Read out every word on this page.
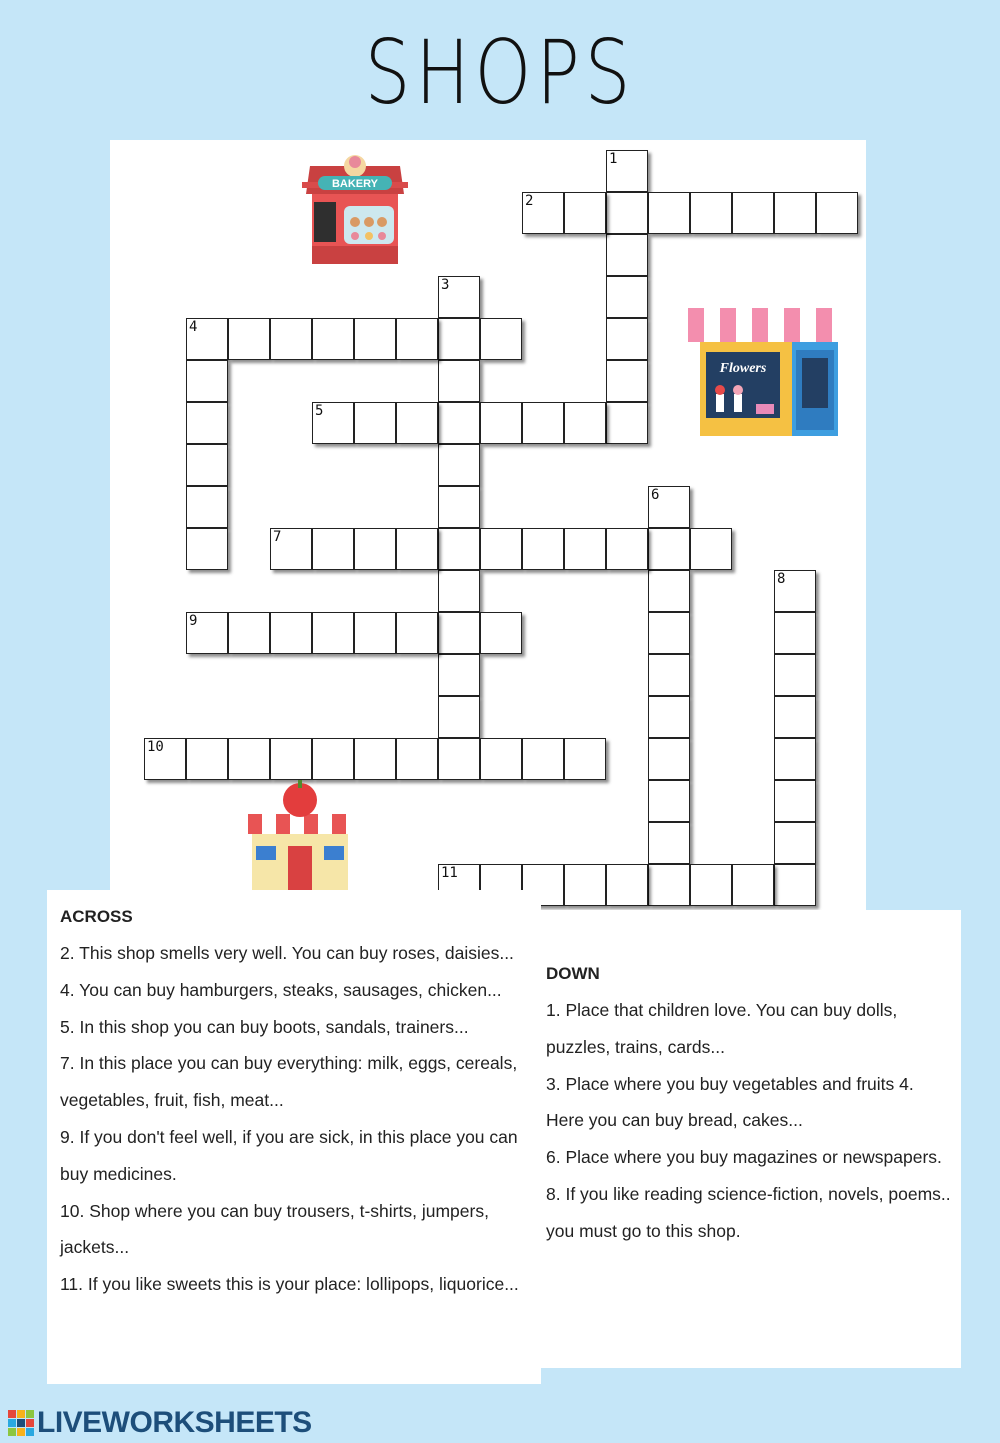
SHOPS
1
2
3
4
5
6
7
8
9
10
11
BAKERY
Flowers
ACROSS

2. This shop smells very well. You can buy roses, daisies...

4. You can buy hamburgers, steaks, sausages, chicken...

5. In this shop you can buy boots, sandals, trainers...

7. In this place you can buy everything: milk, eggs, cereals, vegetables, fruit, fish, meat...

9. If you don't feel well, if you are sick, in this place you can buy medicines.

10. Shop where you can buy trousers, t-shirts, jumpers, jackets...

11. If you like sweets this is your place: lollipops, liquorice...

DOWN

1. Place that children love. You can buy dolls, puzzles, trains, cards...

3. Place where you buy vegetables and fruits 4. Here you can buy bread, cakes...

6. Place where you buy magazines or newspapers.

8. If you like reading science-fiction, novels, poems.. you must go to this shop.

LIVEWORKSHEETS
